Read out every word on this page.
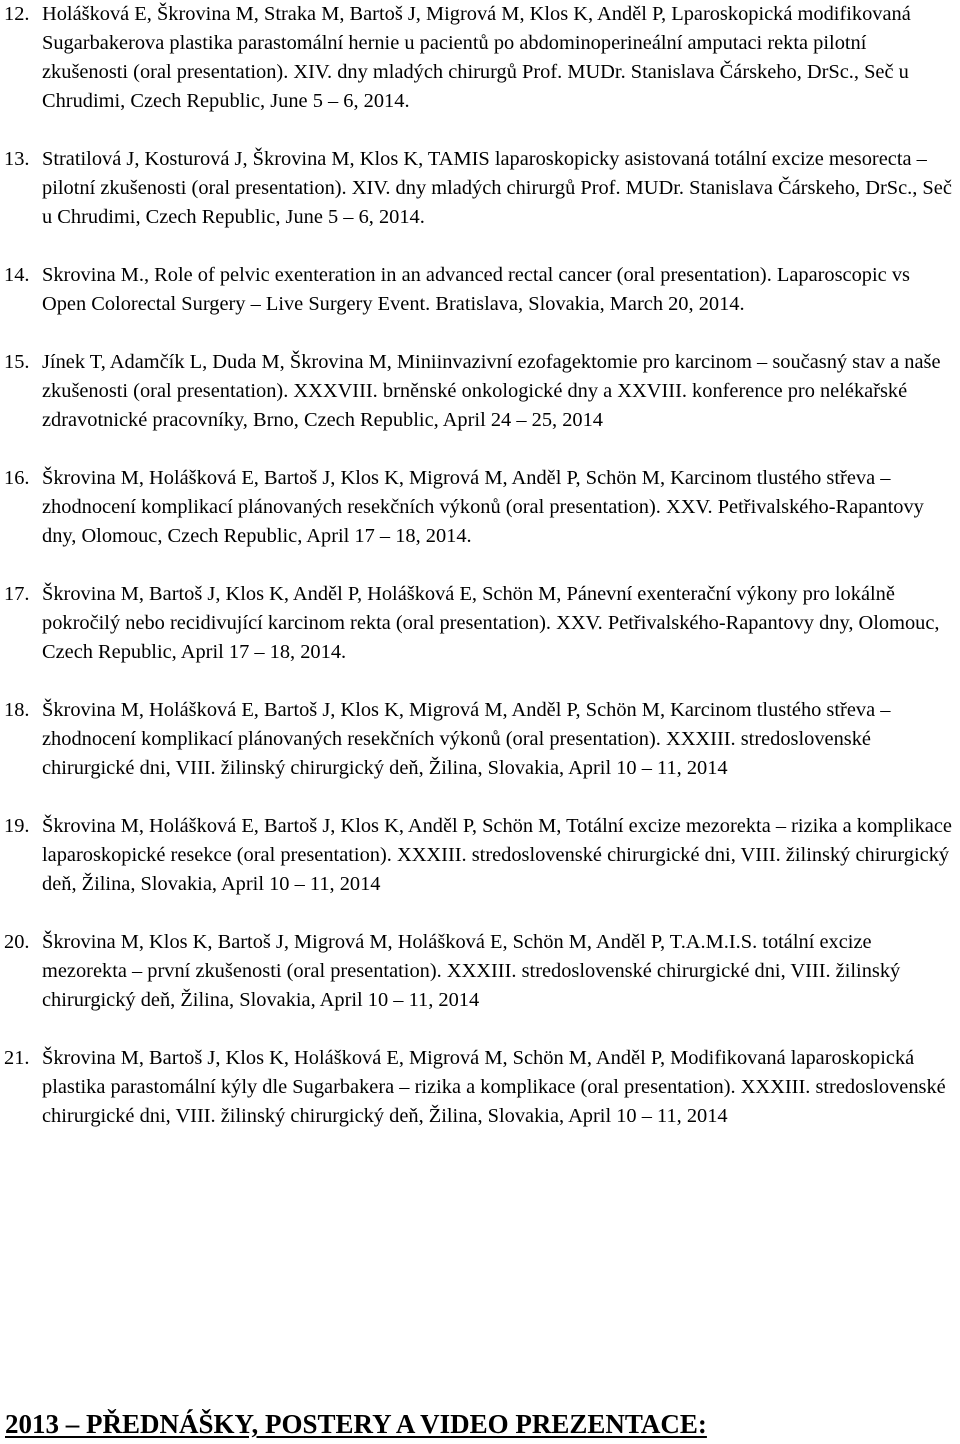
12. Holášková E, Škrovina M, Straka M, Bartoš J, Migrová M, Klos K, Anděl P, Lparoskopická modifikovaná Sugarbakerova plastika parastomální hernie u pacientů po abdominoperineální amputaci rekta pilotní zkušenosti (oral presentation). XIV. dny mladých chirurgů Prof. MUDr. Stanislava Čárskeho, DrSc., Seč u Chrudimi, Czech Republic, June 5 – 6, 2014.
13. Stratilová J, Kosturová J, Škrovina M, Klos K, TAMIS laparoskopicky asistovaná totální excize mesorecta – pilotní zkušenosti (oral presentation). XIV. dny mladých chirurgů Prof. MUDr. Stanislava Čárskeho, DrSc., Seč u Chrudimi, Czech Republic, June 5 – 6, 2014.
14. Skrovina M., Role of pelvic exenteration in an advanced rectal cancer (oral presentation). Laparoscopic vs Open Colorectal Surgery – Live Surgery Event. Bratislava, Slovakia, March 20, 2014.
15. Jínek T, Adamčík L, Duda M, Škrovina M, Miniinvazivní ezofagektomie pro karcinom – současný stav a naše zkušenosti (oral presentation). XXXVIII. brněnské onkologické dny a XXVIII. konference pro nelékařské zdravotnické pracovníky, Brno, Czech Republic, April 24 – 25, 2014
16. Škrovina M, Holášková E, Bartoš J, Klos K, Migrová M, Anděl P, Schön M, Karcinom tlustého střeva – zhodnocení komplikací plánovaných resekčních výkonů (oral presentation). XXV. Petřivalského-Rapantovy dny, Olomouc, Czech Republic, April 17 – 18, 2014.
17. Škrovina M, Bartoš J, Klos K, Anděl P, Holášková E, Schön M, Pánevní exenterační výkony pro lokálně pokročilý nebo recidivující karcinom rekta (oral presentation). XXV. Petřivalského-Rapantovy dny, Olomouc, Czech Republic, April 17 – 18, 2014.
18. Škrovina M, Holášková E, Bartoš J, Klos K, Migrová M, Anděl P, Schön M, Karcinom tlustého střeva – zhodnocení komplikací plánovaných resekčních výkonů (oral presentation). XXXIII. stredoslovenské chirurgické dni, VIII. žilinský chirurgický deň, Žilina, Slovakia, April 10 – 11, 2014
19. Škrovina M, Holášková E, Bartoš J, Klos K, Anděl P, Schön M, Totální excize mezorekta – rizika a komplikace laparoskopické resekce (oral presentation). XXXIII. stredoslovenské chirurgické dni, VIII. žilinský chirurgický deň, Žilina, Slovakia, April 10 – 11, 2014
20. Škrovina M, Klos K, Bartoš J, Migrová M, Holášková E, Schön M, Anděl P, T.A.M.I.S. totální excize mezorekta – první zkušenosti (oral presentation). XXXIII. stredoslovenské chirurgické dni, VIII. žilinský chirurgický deň, Žilina, Slovakia, April 10 – 11, 2014
21. Škrovina M, Bartoš J, Klos K, Holášková E, Migrová M, Schön M, Anděl P, Modifikovaná laparoskopická plastika parastomální kýly dle Sugarbakera – rizika a komplikace (oral presentation). XXXIII. stredoslovenské chirurgické dni, VIII. žilinský chirurgický deň, Žilina, Slovakia, April 10 – 11, 2014
2013 – PŘEDNÁŠKY, POSTERY A VIDEO PREZENTACE:
